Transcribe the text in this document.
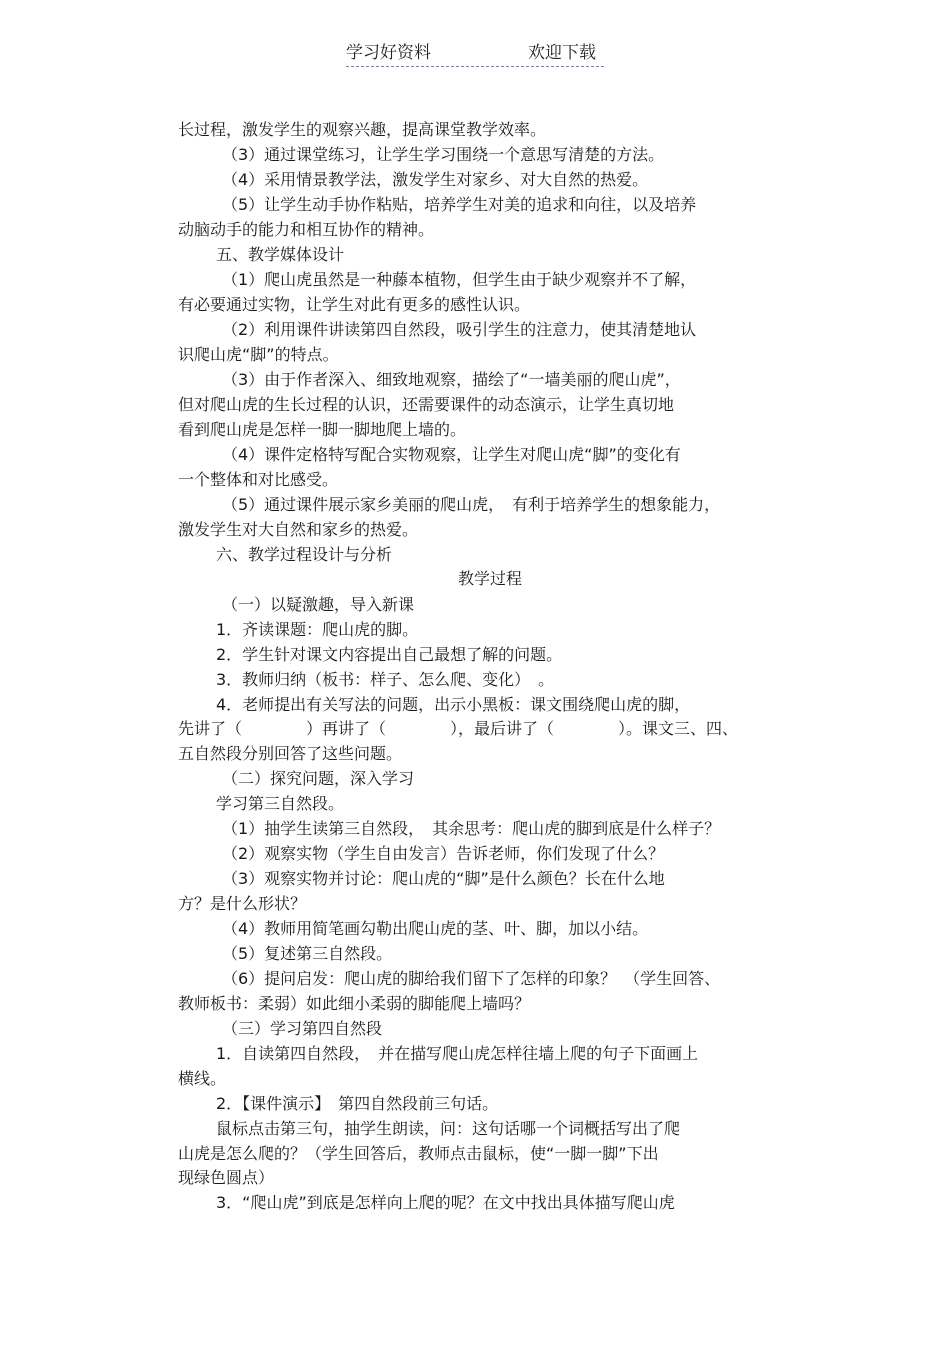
学习好资料	欢迎下载
长过程，激发学生的观察兴趣，提高课堂教学效率。
（3）通过课堂练习，让学生学习围绕一个意思写清楚的方法。
（4）采用情景教学法，激发学生对家乡、对大自然的热爱。
（5）让学生动手协作粘贴，培养学生对美的追求和向往，以及培养
动脑动手的能力和相互协作的精神。
五、教学媒体设计
（1）爬山虎虽然是一种藤本植物，但学生由于缺少观察并不了解，
有必要通过实物，让学生对此有更多的感性认识。
（2）利用课件讲读第四自然段，吸引学生的注意力，使其清楚地认
识爬山虎“脚”的特点。
（3）由于作者深入、细致地观察，描绘了“一墙美丽的爬山虎”，
但对爬山虎的生长过程的认识，还需要课件的动态演示，让学生真切地
看到爬山虎是怎样一脚一脚地爬上墙的。
（4）课件定格特写配合实物观察，让学生对爬山虎“脚”的变化有
一个整体和对比感受。
（5）通过课件展示家乡美丽的爬山虎，　有利于培养学生的想象能力，
激发学生对大自然和家乡的热爱。
六、教学过程设计与分析
教学过程
（一）以疑激趣，导入新课
1．齐读课题：爬山虎的脚。
2．学生针对课文内容提出自己最想了解的问题。
3．教师归纳（板书：样子、怎么爬、变化）　。
4．老师提出有关写法的问题，出示小黑板：课文围绕爬山虎的脚，
先讲了（　　　　）再讲了（　　　　），最后讲了（　　　　）。课文三、四、
五自然段分别回答了这些问题。
（二）探究问题，深入学习
学习第三自然段。
（1）抽学生读第三自然段，　其余思考：爬山虎的脚到底是什么样子？
（2）观察实物（学生自由发言）告诉老师，你们发现了什么？
（3）观察实物并讨论：爬山虎的“脚”是什么颜色？长在什么地
方？是什么形状？
（4）教师用简笔画勾勒出爬山虎的茎、叶、脚，加以小结。
（5）复述第三自然段。
（6）提问启发：爬山虎的脚给我们留下了怎样的印象？　（学生回答、
教师板书：柔弱）如此细小柔弱的脚能爬上墙吗？
（三）学习第四自然段
1．自读第四自然段，　并在描写爬山虎怎样往墙上爬的句子下面画上
横线。
2．【课件演示】　第四自然段前三句话。
鼠标点击第三句，抽学生朗读，问：这句话哪一个词概括写出了爬
山虎是怎么爬的？（学生回答后，教师点击鼠标，使“一脚一脚”下出
现绿色圆点）
3．“爬山虎”到底是怎样向上爬的呢？在文中找出具体描写爬山虎
